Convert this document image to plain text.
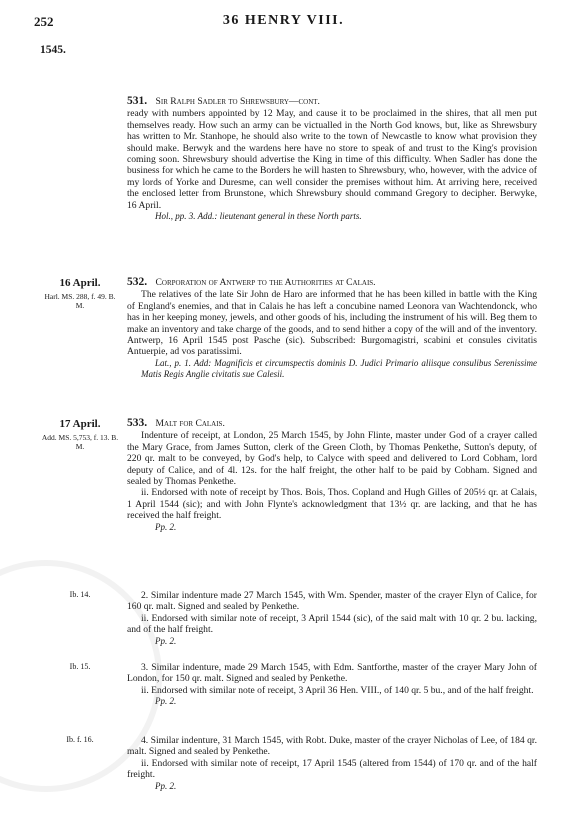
252	36 HENRY VIII.
1545.
531. Sir Ralph Sadler to Shrewsbury—cont.

ready with numbers appointed by 12 May, and cause it to be proclaimed in the shires, that all men put themselves ready. How such an army can be victualled in the North God knows, but, like as Shrewsbury has written to Mr. Stanhope, he should also write to the town of Newcastle to know what provision they should make. Berwyk and the wardens here have no store to speak of and trust to the King's provision coming soon. Shrewsbury should advertise the King in time of this difficulty. When Sadler has done the business for which he came to the Borders he will hasten to Shrewsbury, who, however, with the advice of my lords of Yorke and Duresme, can well consider the premises without him. At arriving here, received the enclosed letter from Brunstone, which Shrewsbury should command Gregory to decipher. Berwyke, 16 April.

Hol., pp. 3. Add.: lieutenant general in these North parts.

16 April.
Harl. MS. 288, f. 49. B. M.
532. Corporation of Antwerp to the Authorities at Calais.

The relatives of the late Sir John de Haro are informed that he has been killed in battle with the King of England's enemies, and that in Calais he has left a concubine named Leonora van Wachtendonck, who has in her keeping money, jewels, and other goods of his, including the instrument of his will. Beg them to make an inventory and take charge of the goods, and to send hither a copy of the will and of the inventory. Antwerp, 16 April 1545 post Pasche (sic). Subscribed: Burgomagistri, scabini et consules civitatis Antuerpie, ad vos paratissimi.

Lat., p. 1. Add: Magnificis et circumspectis dominis D. Judici Primario aliisque consulibus Serenissime Matis Regis Anglie civitatis sue Calesii.

17 April.
Add. MS. 5,753, f. 13. B. M.
533. Malt for Calais.

Indenture of receipt, at London, 25 March 1545, by John Flinte, master under God of a crayer called the Mary Grace, from James Sutton, clerk of the Green Cloth, by Thomas Penkethe, Sutton's deputy, of 220 qr. malt to be conveyed, by God's help, to Calyce with speed and delivered to Lord Cobham, lord deputy of Calice, and of 4l. 12s. for the half freight, the other half to be paid by Cobham. Signed and sealed by Thomas Penkethe.

ii. Endorsed with note of receipt by Thos. Bois, Thos. Copland and Hugh Gilles of 205½ qr. at Calais, 1 April 1544 (sic); and with John Flynte's acknowledgment that 13½ qr. are lacking, and that he has received the half freight.

Pp. 2.

Ib. 14.	2. Similar indenture made 27 March 1545, with Wm. Spender, master of the crayer Elyn of Calice, for 160 qr. malt. Signed and sealed by Penkethe.

ii. Endorsed with similar note of receipt, 3 April 1544 (sic), of the said malt with 10 qr. 2 bu. lacking, and of the half freight.

Pp. 2.

Ib. 15.	3. Similar indenture, made 29 March 1545, with Edm. Santforthe, master of the crayer Mary John of London, for 150 qr. malt. Signed and sealed by Penkethe.

ii. Endorsed with similar note of receipt, 3 April 36 Hen. VIII., of 140 qr. 5 bu., and of the half freight.

Pp. 2.

Ib. f. 16.	4. Similar indenture, 31 March 1545, with Robt. Duke, master of the crayer Nicholas of Lee, of 184 qr. malt. Signed and sealed by Penkethe.

ii. Endorsed with similar note of receipt, 17 April 1545 (altered from 1544) of 170 qr. and of the half freight.

Pp. 2.
